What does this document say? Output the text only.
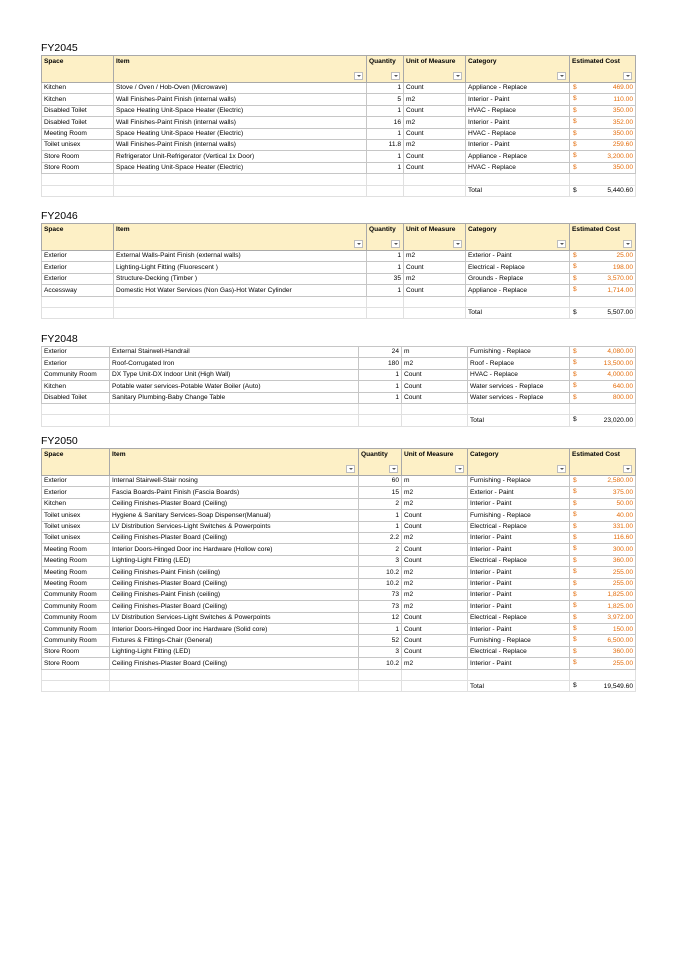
FY2045
Space	Item	Quantity	Unit of Measure	Category	Estimated Cost

Kitchen	Stove / Oven / Hob-Oven (Microwave)	1	Count	Appliance - Replace	$ 469.00
Kitchen	Wall Finishes-Paint Finish (internal walls)	5	m2	Interior - Paint	$ 110.00
Disabled Toilet	Space Heating Unit-Space Heater (Electric)	1	Count	HVAC - Replace	$ 350.00
Disabled Toilet	Wall Finishes-Paint Finish (internal walls)	16	m2	Interior - Paint	$ 352.00
Meeting Room	Space Heating Unit-Space Heater (Electric)	1	Count	HVAC - Replace	$ 350.00
Toilet unisex	Wall Finishes-Paint Finish (internal walls)	11.8	m2	Interior - Paint	$ 259.60
Store Room	Refrigerator Unit-Refrigerator (Vertical 1x Door)	1	Count	Appliance - Replace	$ 3,200.00
Store Room	Space Heating Unit-Space Heater (Electric)	1	Count	HVAC - Replace	$ 350.00

				Total	$ 5,440.60
FY2046
Space	Item	Quantity	Unit of Measure	Category	Estimated Cost

Exterior	External Walls-Paint Finish (external walls)	1	m2	Exterior - Paint	$ 25.00
Exterior	Lighting-Light Fitting (Fluorescent )	1	Count	Electrical - Replace	$ 198.00
Exterior	Structure-Decking (Timber )	35	m2	Grounds - Replace	$ 3,570.00
Accessway	Domestic Hot Water Services (Non Gas)-Hot Water Cylinder	1	Count	Appliance - Replace	$ 1,714.00

				Total	$ 5,507.00
FY2048
Exterior	External Stairwell-Handrail	24	m	Furnishing - Replace	$ 4,080.00
Exterior	Roof-Corrugated Iron	180	m2	Roof - Replace	$ 13,500.00
Community Room	DX Type Unit-DX Indoor Unit (High Wall)	1	Count	HVAC - Replace	$ 4,000.00
Kitchen	Potable water services-Potable Water Boiler (Auto)	1	Count	Water services - Replace	$ 640.00
Disabled Toilet	Sanitary Plumbing-Baby Change Table	1	Count	Water services - Replace	$ 800.00

				Total	$ 23,020.00
FY2050
Space	Item	Quantity	Unit of Measure	Category	Estimated Cost

Exterior	Internal Stairwell-Stair nosing	60	m	Furnishing - Replace	$ 2,580.00
Exterior	Fascia Boards-Paint Finish (Fascia Boards)	15	m2	Exterior - Paint	$ 375.00
Kitchen	Ceiling Finishes-Plaster Board (Ceiling)	2	m2	Interior - Paint	$ 50.00
Toilet unisex	Hygiene & Sanitary Services-Soap Dispenser(Manual)	1	Count	Furnishing - Replace	$ 40.00
Toilet unisex	LV Distribution Services-Light Switches & Powerpoints	1	Count	Electrical - Replace	$ 331.00
Toilet unisex	Ceiling Finishes-Plaster Board (Ceiling)	2.2	m2	Interior - Paint	$ 116.60
Meeting Room	Interior Doors-Hinged Door inc Hardware (Hollow core)	2	Count	Interior - Paint	$ 300.00
Meeting Room	Lighting-Light Fitting (LED)	3	Count	Electrical - Replace	$ 360.00
Meeting Room	Ceiling Finishes-Paint Finish (ceiling)	10.2	m2	Interior - Paint	$ 255.00
Meeting Room	Ceiling Finishes-Plaster Board (Ceiling)	10.2	m2	Interior - Paint	$ 255.00
Community Room	Ceiling Finishes-Paint Finish (ceiling)	73	m2	Interior - Paint	$ 1,825.00
Community Room	Ceiling Finishes-Plaster Board (Ceiling)	73	m2	Interior - Paint	$ 1,825.00
Community Room	LV Distribution Services-Light Switches & Powerpoints	12	Count	Electrical - Replace	$ 3,972.00
Community Room	Interior Doors-Hinged Door inc Hardware (Solid core)	1	Count	Interior - Paint	$ 150.00
Community Room	Fixtures & Fittings-Chair (General)	52	Count	Furnishing - Replace	$ 6,500.00
Store Room	Lighting-Light Fitting (LED)	3	Count	Electrical - Replace	$ 360.00
Store Room	Ceiling Finishes-Plaster Board (Ceiling)	10.2	m2	Interior - Paint	$ 255.00

				Total	$ 19,549.60
